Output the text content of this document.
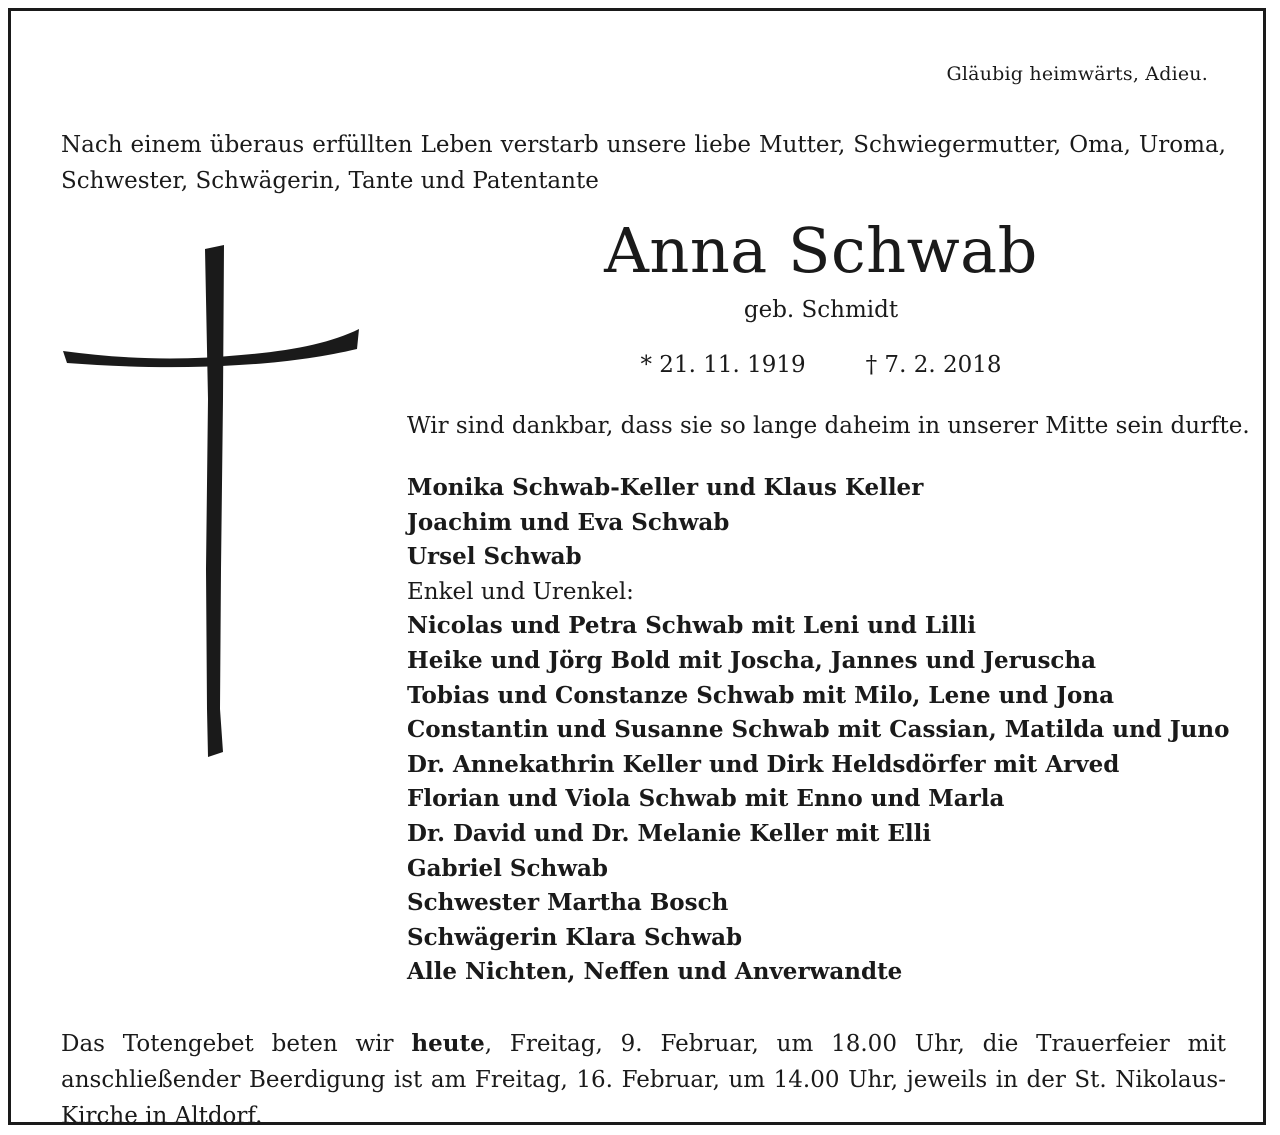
Gläubig heimwärts, Adieu.
Nach einem überaus erfüllten Leben verstarb unsere liebe Mutter, Schwiegermutter, Oma, Uroma, Schwester, Schwägerin, Tante und Patentante
Anna Schwab
geb. Schmidt
* 21. 11. 1919	† 7. 2. 2018
Wir sind dankbar, dass sie so lange daheim in unserer Mitte sein durfte.
Monika Schwab-Keller und Klaus Keller
Joachim und Eva Schwab
Ursel Schwab
Enkel und Urenkel:
Nicolas und Petra Schwab mit Leni und Lilli
Heike und Jörg Bold mit Joscha, Jannes und Jeruscha
Tobias und Constanze Schwab mit Milo, Lene und Jona
Constantin und Susanne Schwab mit Cassian, Matilda und Juno
Dr. Annekathrin Keller und Dirk Heldsdörfer mit Arved
Florian und Viola Schwab mit Enno und Marla
Dr. David und Dr. Melanie Keller mit Elli
Gabriel Schwab
Schwester Martha Bosch
Schwägerin Klara Schwab
Alle Nichten, Neffen und Anverwandte
Das Totengebet beten wir heute, Freitag, 9. Februar, um 18.00 Uhr, die Trauerfeier mit anschließender Beerdigung ist am Freitag, 16. Februar, um 14.00 Uhr, jeweils in der St. Nikolaus-Kirche in Altdorf.
